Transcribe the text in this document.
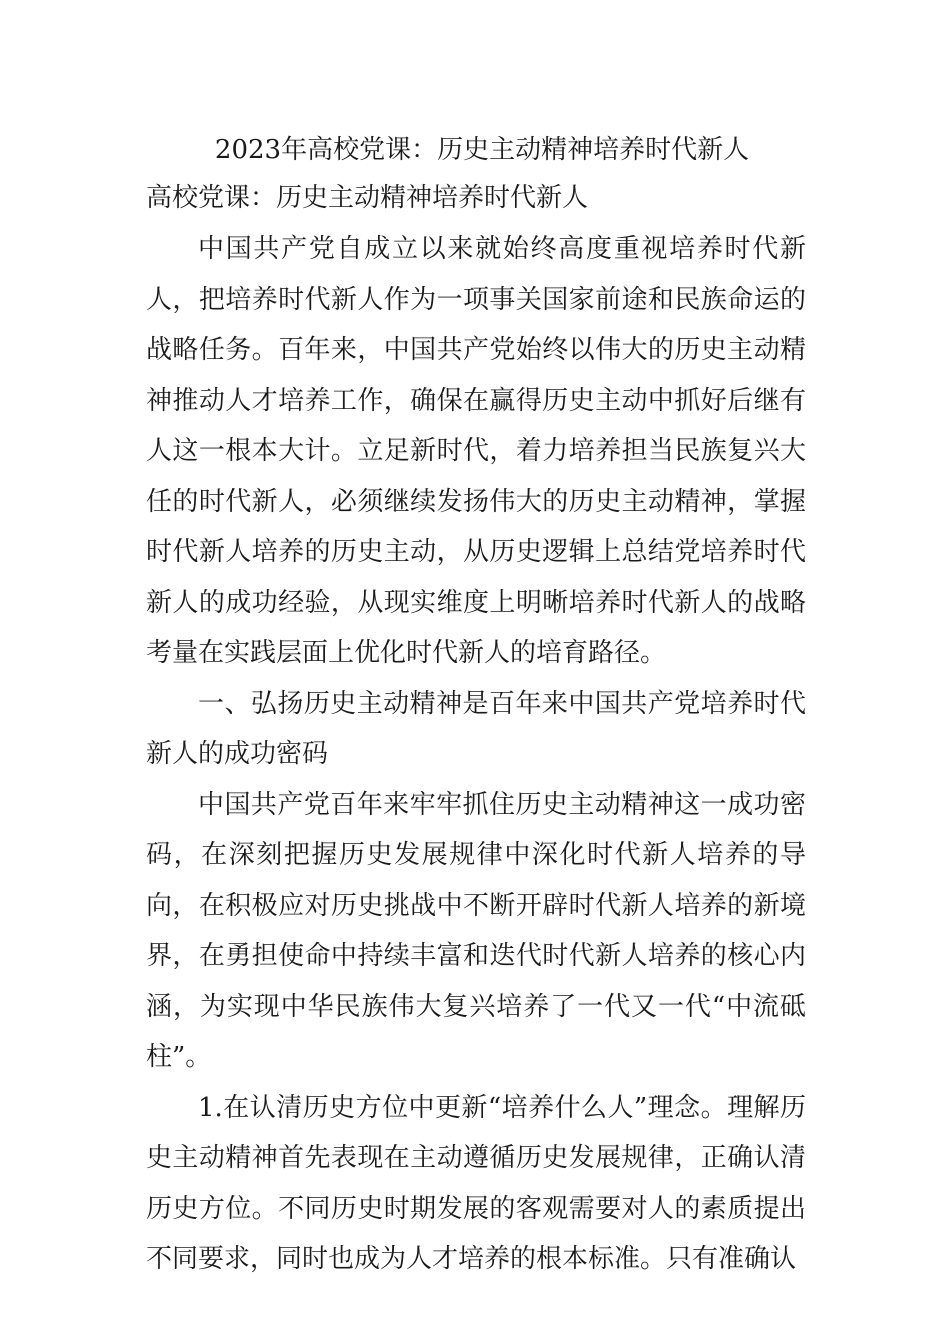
2023年高校党课：历史主动精神培养时代新人
高校党课：历史主动精神培养时代新人

中国共产党自成立以来就始终高度重视培养时代新人，把培养时代新人作为一项事关国家前途和民族命运的战略任务。百年来，中国共产党始终以伟大的历史主动精神推动人才培养工作，确保在赢得历史主动中抓好后继有人这一根本大计。立足新时代，着力培养担当民族复兴大任的时代新人，必须继续发扬伟大的历史主动精神，掌握时代新人培养的历史主动，从历史逻辑上总结党培养时代新人的成功经验，从现实维度上明晰培养时代新人的战略考量在实践层面上优化时代新人的培育路径。

一、弘扬历史主动精神是百年来中国共产党培养时代新人的成功密码

中国共产党百年来牢牢抓住历史主动精神这一成功密码，在深刻把握历史发展规律中深化时代新人培养的导向，在积极应对历史挑战中不断开辟时代新人培养的新境界，在勇担使命中持续丰富和迭代时代新人培养的核心内涵，为实现中华民族伟大复兴培养了一代又一代“中流砥柱”。

1.在认清历史方位中更新“培养什么人”理念。理解历史主动精神首先表现在主动遵循历史发展规律，正确认清历史方位。不同历史时期发展的客观需要对人的素质提出不同要求，同时也成为人才培养的根本标准。只有准确认
